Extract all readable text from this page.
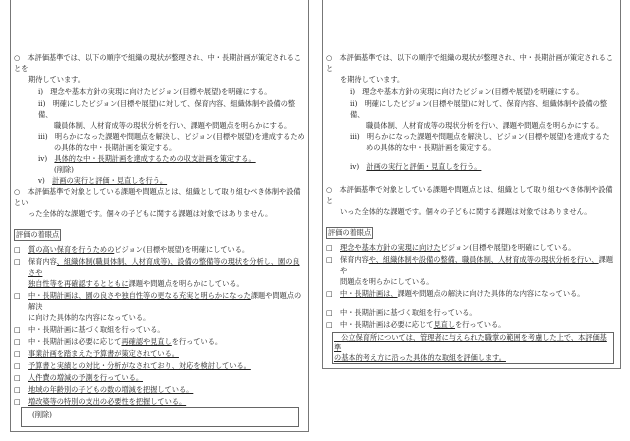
○　本評価基準では、以下の順序で組織の現状が整理され、中・長期計画が策定されることを
期待しています。
i)　理念や基本方針の実現に向けたビジョン(目標や展望)を明確にする。
ii)　明確にしたビジョン(目標や展望)に対して、保育内容、組織体制や設備の整備、
職員体制、人材育成等の現状分析を行い、課題や問題点を明らかにする。
iii)　明らかになった課題や問題点を解決し、ビジョン(目標や展望)を達成するため
の具体的な中・長期計画を策定する。
iv)　 具体的な中・長期計画を達成するための収支計画を策定する。
(削除)
v)　 計画の実行と評価・見直しを行う。
○　本評価基準で対象としている課題や問題点とは、組織として取り組むべき体制や設備とい
った全体的な課題です。個々の子どもに関する課題は対象ではありません。
評価の着眼点
□　 質の高い保育を行うためのビジョン(目標や展望)を明確にしている。
□　 保育内容、組織体制(職員体制、人材育成等)、設備の整備等の現状を分析し、園の良さや
独自性等を再確認するとともに課題や問題点を明らかにしている。
□　 中・長期計画は、園の良さや独自性等の更なる充実と明らかになった課題や問題点の解決
に向けた具体的な内容になっている。
□　 中・長期計画に基づく取組を行っている。
□　 中・長期計画は必要に応じて再確認や見直しを行っている。
□　 事業計画を踏まえた予算書が策定されている。
□　 予算書と実績との対比・分析がなされており、対応を検討している。
□　 人件費の増減の予測を行っている。
□　 地域の年齢別の子どもの数の増減を把握している。
□　 増改築等の特別の支出の必要性を把握している。
(削除)
○　本評価基準では、以下の順序で組織の現状が整理され、中・長期計画が策定されること
を期待しています。
i)　理念や基本方針の実現に向けたビジョン(目標や展望)を明確にする。
ii)　明確にしたビジョン(目標や展望)に対して、保育内容、組織体制や設備の整備、
職員体制、人材育成等の現状分析を行い、課題や問題点を明らかにする。
iii)　明らかになった課題や問題点を解決し、ビジョン(目標や展望)を達成するた
めの具体的な中・長期計画を策定する。
iv)　 計画の実行と評価・見直しを行う。
○　本評価基準で対象としている課題や問題点とは、組織として取り組むべき体制や設備と
いった全体的な課題です。個々の子どもに関する課題は対象ではありません。
評価の着眼点
□　 理念や基本方針の実現に向けたビジョン(目標や展望)を明確にしている。
□　 保育内容や、組織体制や設備の整備、職員体制、人材育成等の現状分析を行い、課題や
問題点を明らかにしている。
□　 中・長期計画は、課題や問題点の解決に向けた具体的な内容になっている。
□　 中・長期計画に基づく取組を行っている。
□　 中・長期計画は必要に応じて見直しを行っている。
　公立保育所については、管理者に与えられた職掌の範囲を考慮した上で、本評価基準
の基本的考え方に沿った具体的な取組を評価します。
